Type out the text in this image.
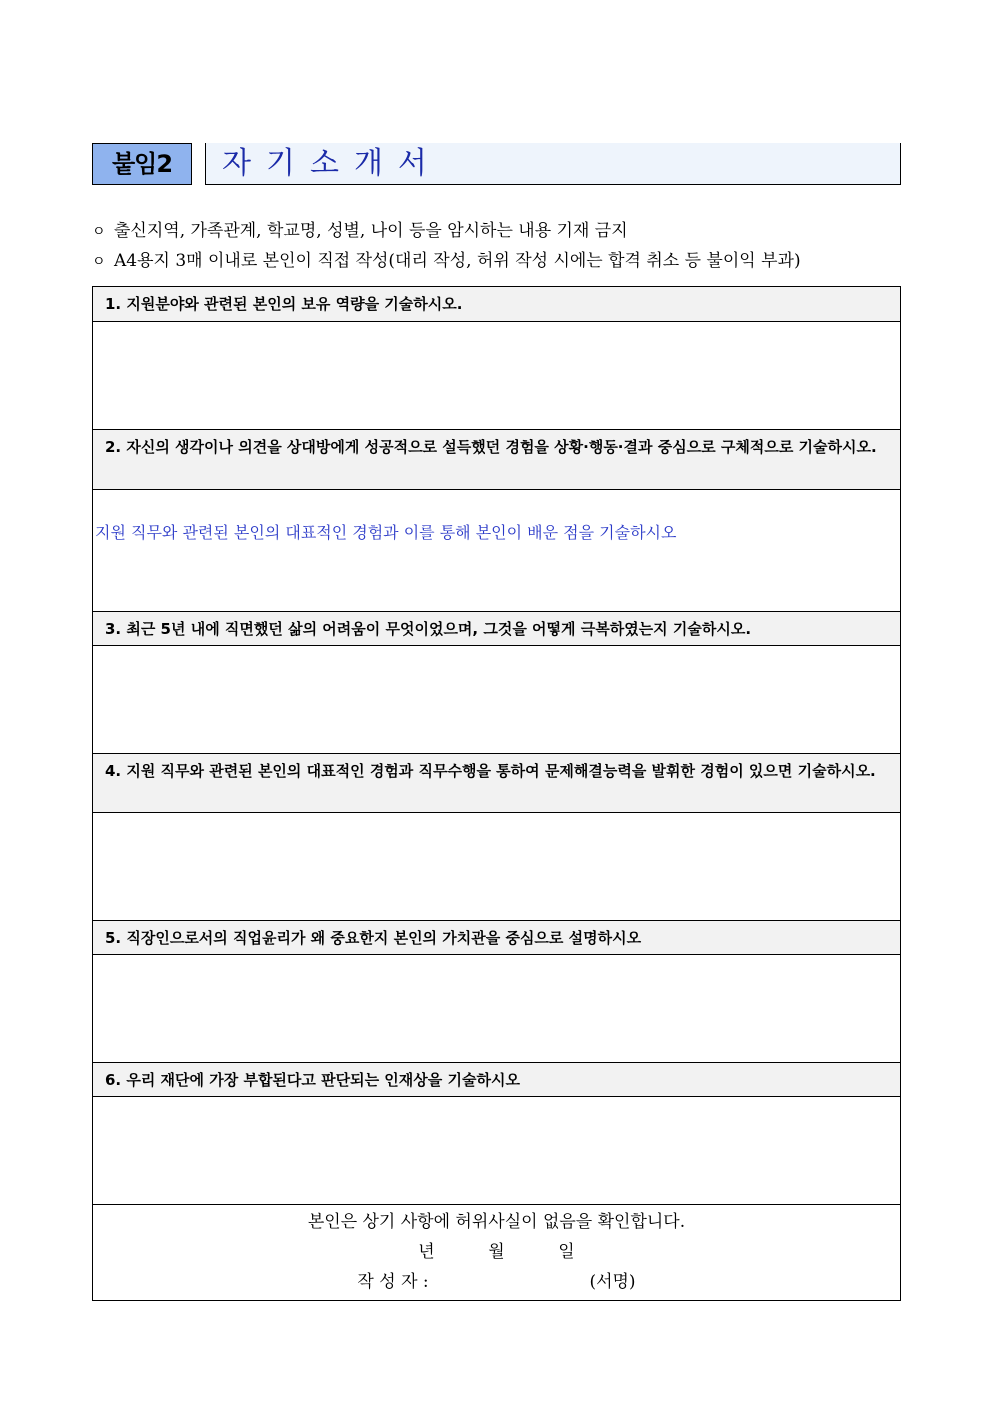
붙임2	자기소개서
ㅇ 출신지역, 가족관계, 학교명, 성별, 나이 등을 암시하는 내용 기재 금지
ㅇ A4용지 3매 이내로 본인이 직접 작성(대리 작성, 허위 작성 시에는 합격 취소 등 불이익 부과)
1. 지원분야와 관련된 본인의 보유 역량을 기술하시오.

2. 자신의 생각이나 의견을 상대방에게 성공적으로 설득했던 경험을 상황·행동·결과 중심으로 구체적으로 기술하시오.

지원 직무와 관련된 본인의 대표적인 경험과 이를 통해 본인이 배운 점을 기술하시오

3. 최근 5년 내에 직면했던 삶의 어려움이 무엇이었으며, 그것을 어떻게 극복하였는지 기술하시오.

4. 지원 직무와 관련된 본인의 대표적인 경험과 직무수행을 통하여 문제해결능력을 발휘한 경험이 있으면 기술하시오.

5. 직장인으로서의 직업윤리가 왜 중요한지 본인의 가치관을 중심으로 설명하시오

6. 우리 재단에 가장 부합된다고 판단되는 인재상을 기술하시오

본인은 상기 사항에 허위사실이 없음을 확인합니다.
년	월	일
작 성 자 :	(서명)
